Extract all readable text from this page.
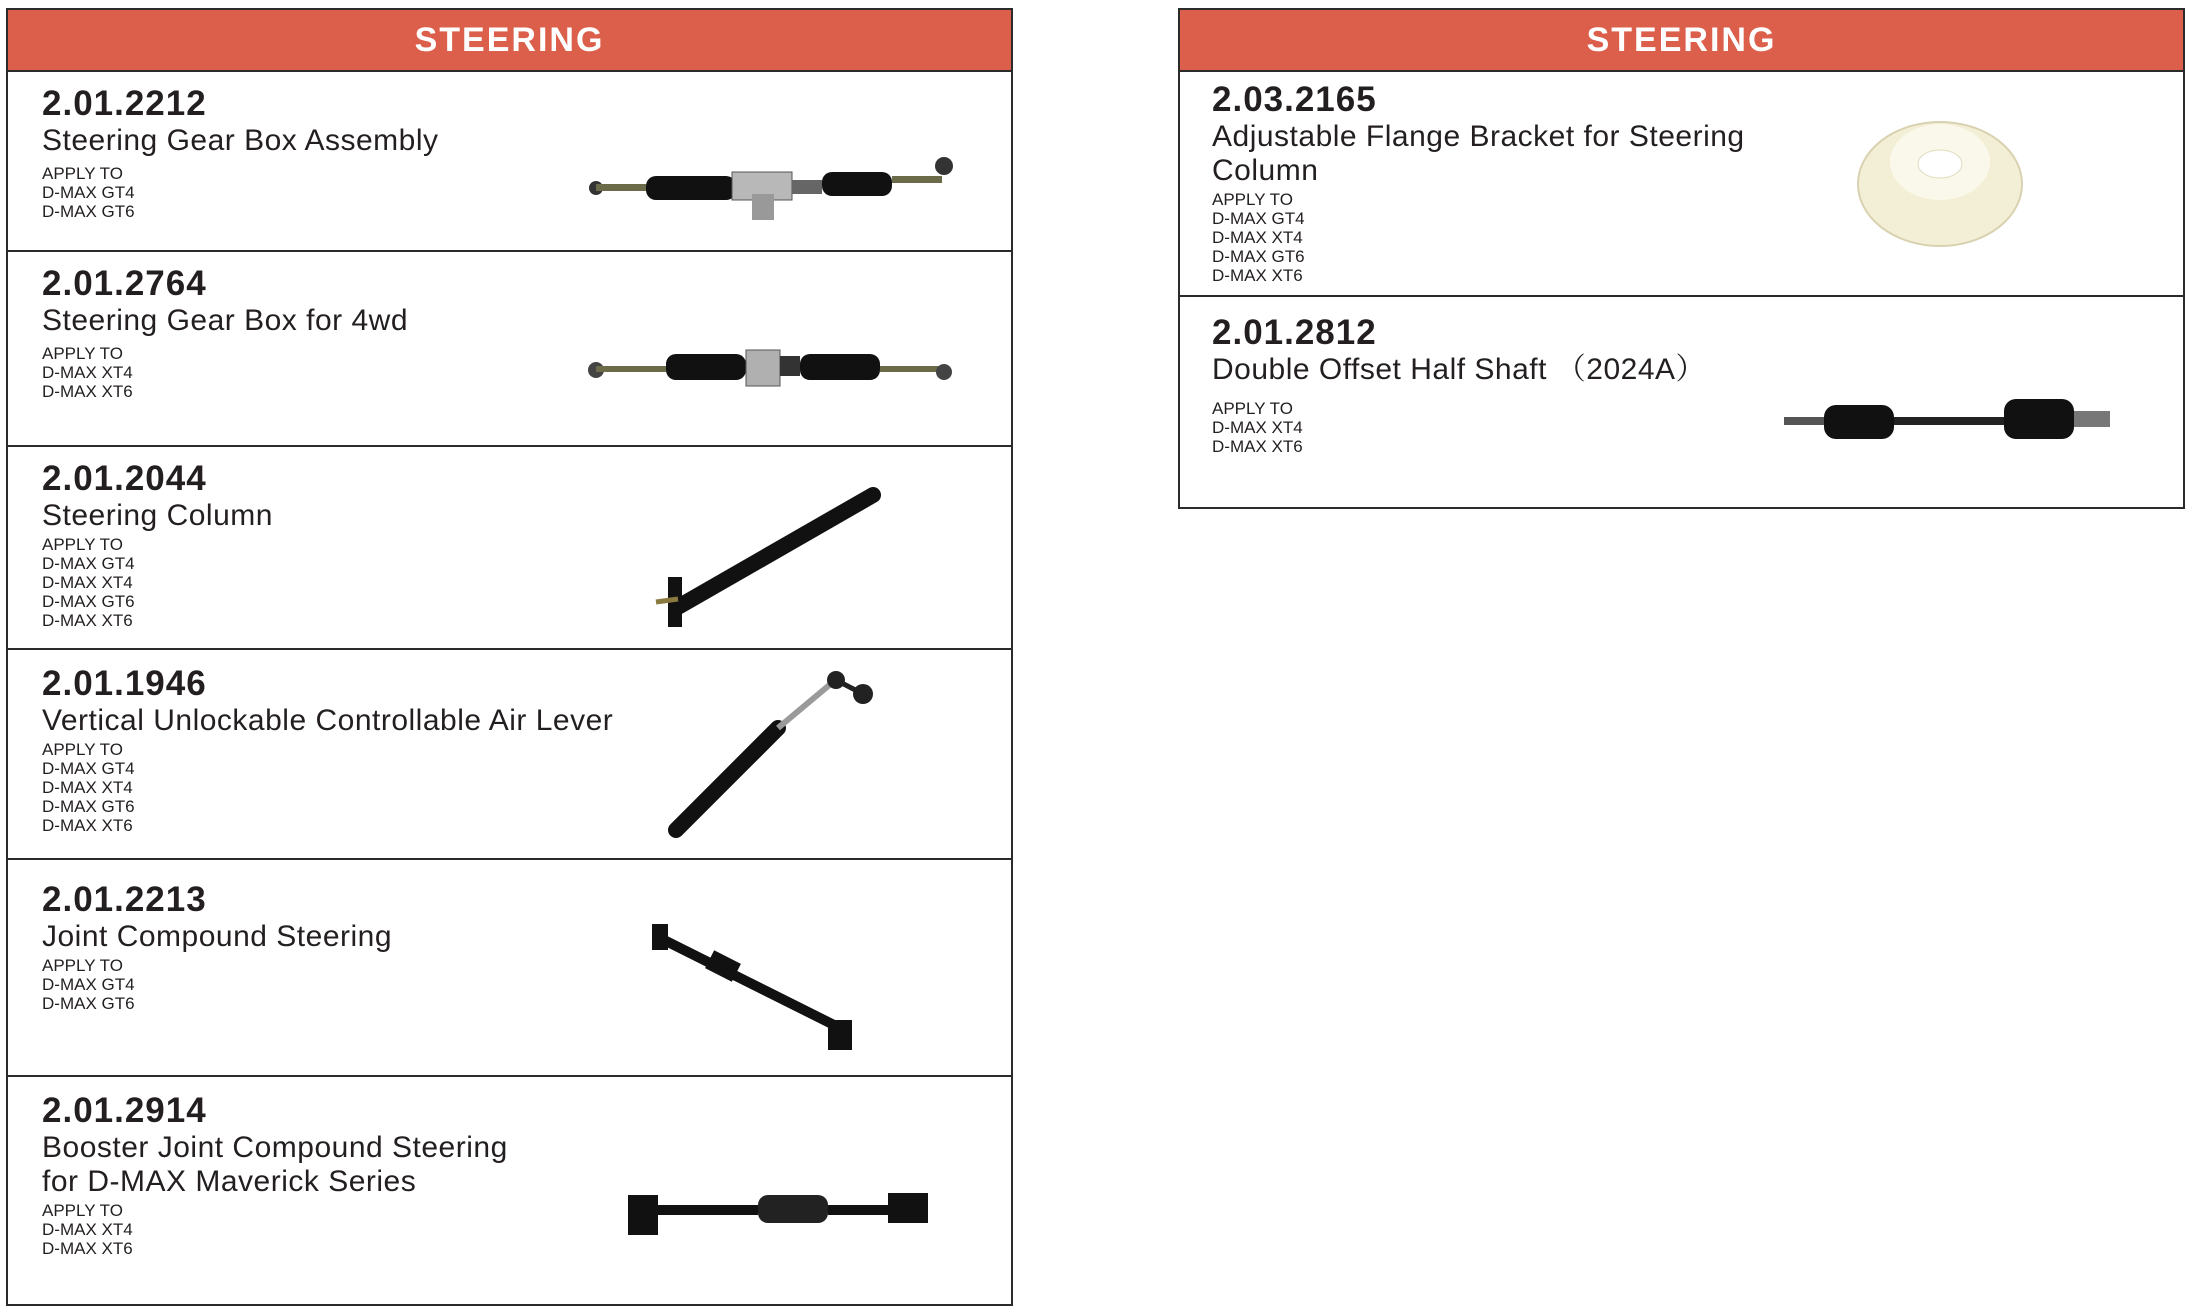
STEERING
2.01.2212
Steering Gear Box Assembly
APPLY TO
D-MAX GT4
D-MAX GT6
2.01.2764
Steering Gear Box for 4wd
APPLY TO
D-MAX XT4
D-MAX XT6
2.01.2044
Steering Column
APPLY TO
D-MAX GT4
D-MAX XT4
D-MAX GT6
D-MAX XT6
2.01.1946
Vertical Unlockable Controllable Air Lever
APPLY TO
D-MAX GT4
D-MAX XT4
D-MAX GT6
D-MAX XT6
2.01.2213
Joint Compound Steering
APPLY TO
D-MAX GT4
D-MAX GT6
2.01.2914
Booster Joint Compound Steering
for D-MAX Maverick Series
APPLY TO
D-MAX XT4
D-MAX XT6
STEERING
2.03.2165
Adjustable Flange Bracket for Steering
Column
APPLY TO
D-MAX GT4
D-MAX XT4
D-MAX GT6
D-MAX XT6
2.01.2812
Double Offset Half Shaft （2024A）
APPLY TO
D-MAX XT4
D-MAX XT6
